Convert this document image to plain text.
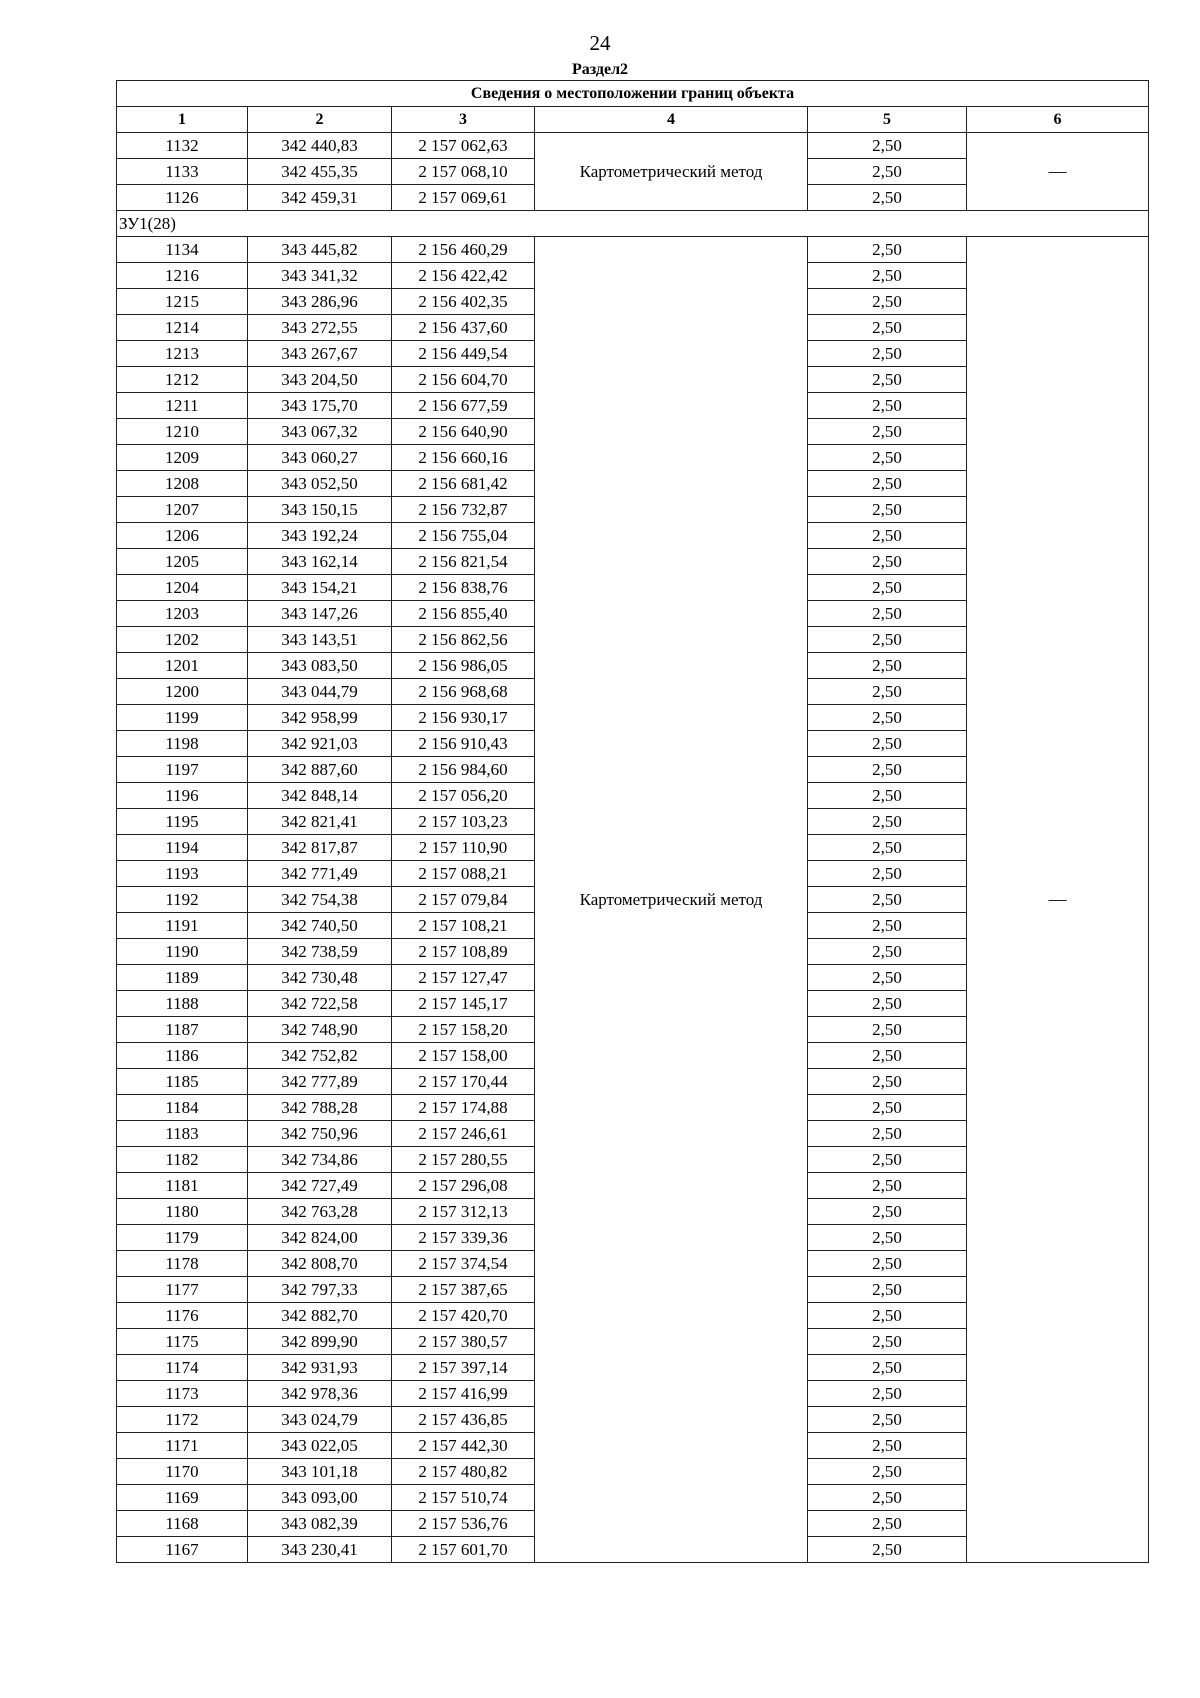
24
Раздел2
Сведения о местоположении границ объекта					
1	2	3	4	5	6
1132	342 440,83	2 157 062,63	Картометрический метод	2,50	—
1133	342 455,35	2 157 068,10		2,50	
1126	342 459,31	2 157 069,61		2,50	
ЗУ1(28)					
1134	343 445,82	2 156 460,29	Картометрический метод	2,50	—
1216	343 341,32	2 156 422,42		2,50	
1215	343 286,96	2 156 402,35		2,50	
1214	343 272,55	2 156 437,60		2,50	
1213	343 267,67	2 156 449,54		2,50	
1212	343 204,50	2 156 604,70		2,50	
1211	343 175,70	2 156 677,59		2,50	
1210	343 067,32	2 156 640,90		2,50	
1209	343 060,27	2 156 660,16		2,50	
1208	343 052,50	2 156 681,42		2,50	
1207	343 150,15	2 156 732,87		2,50	
1206	343 192,24	2 156 755,04		2,50	
1205	343 162,14	2 156 821,54		2,50	
1204	343 154,21	2 156 838,76		2,50	
1203	343 147,26	2 156 855,40		2,50	
1202	343 143,51	2 156 862,56		2,50	
1201	343 083,50	2 156 986,05		2,50	
1200	343 044,79	2 156 968,68		2,50	
1199	342 958,99	2 156 930,17		2,50	
1198	342 921,03	2 156 910,43		2,50	
1197	342 887,60	2 156 984,60		2,50	
1196	342 848,14	2 157 056,20		2,50	
1195	342 821,41	2 157 103,23		2,50	
1194	342 817,87	2 157 110,90		2,50	
1193	342 771,49	2 157 088,21		2,50	
1192	342 754,38	2 157 079,84		2,50	
1191	342 740,50	2 157 108,21		2,50	
1190	342 738,59	2 157 108,89		2,50	
1189	342 730,48	2 157 127,47		2,50	
1188	342 722,58	2 157 145,17		2,50	
1187	342 748,90	2 157 158,20		2,50	
1186	342 752,82	2 157 158,00		2,50	
1185	342 777,89	2 157 170,44		2,50	
1184	342 788,28	2 157 174,88		2,50	
1183	342 750,96	2 157 246,61		2,50	
1182	342 734,86	2 157 280,55		2,50	
1181	342 727,49	2 157 296,08		2,50	
1180	342 763,28	2 157 312,13		2,50	
1179	342 824,00	2 157 339,36		2,50	
1178	342 808,70	2 157 374,54		2,50	
1177	342 797,33	2 157 387,65		2,50	
1176	342 882,70	2 157 420,70		2,50	
1175	342 899,90	2 157 380,57		2,50	
1174	342 931,93	2 157 397,14		2,50	
1173	342 978,36	2 157 416,99		2,50	
1172	343 024,79	2 157 436,85		2,50	
1171	343 022,05	2 157 442,30		2,50	
1170	343 101,18	2 157 480,82		2,50	
1169	343 093,00	2 157 510,74		2,50	
1168	343 082,39	2 157 536,76		2,50	
1167	343 230,41	2 157 601,70		2,50	
